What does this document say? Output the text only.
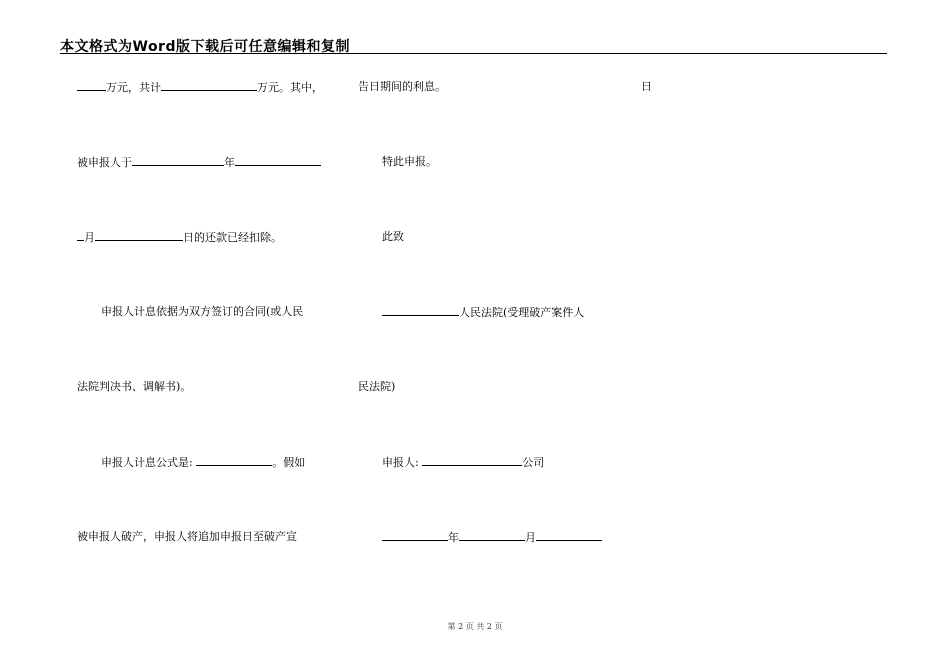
本文格式为Word版下载后可任意编辑和复制
万元，共计	万元。其中，
被申报人于	年
月	日的还款已经扣除。
申报人计息依据为双方签订的合同(或人民
法院判决书、调解书)。
申报人计息公式是:	。假如
被申报人破产，申报人将追加申报日至破产宣
告日期间的利息。	日
特此申报。
此致
人民法院(受理破产案件人
民法院)
申报人:	公司
年	月
第 2 页 共 2 页
